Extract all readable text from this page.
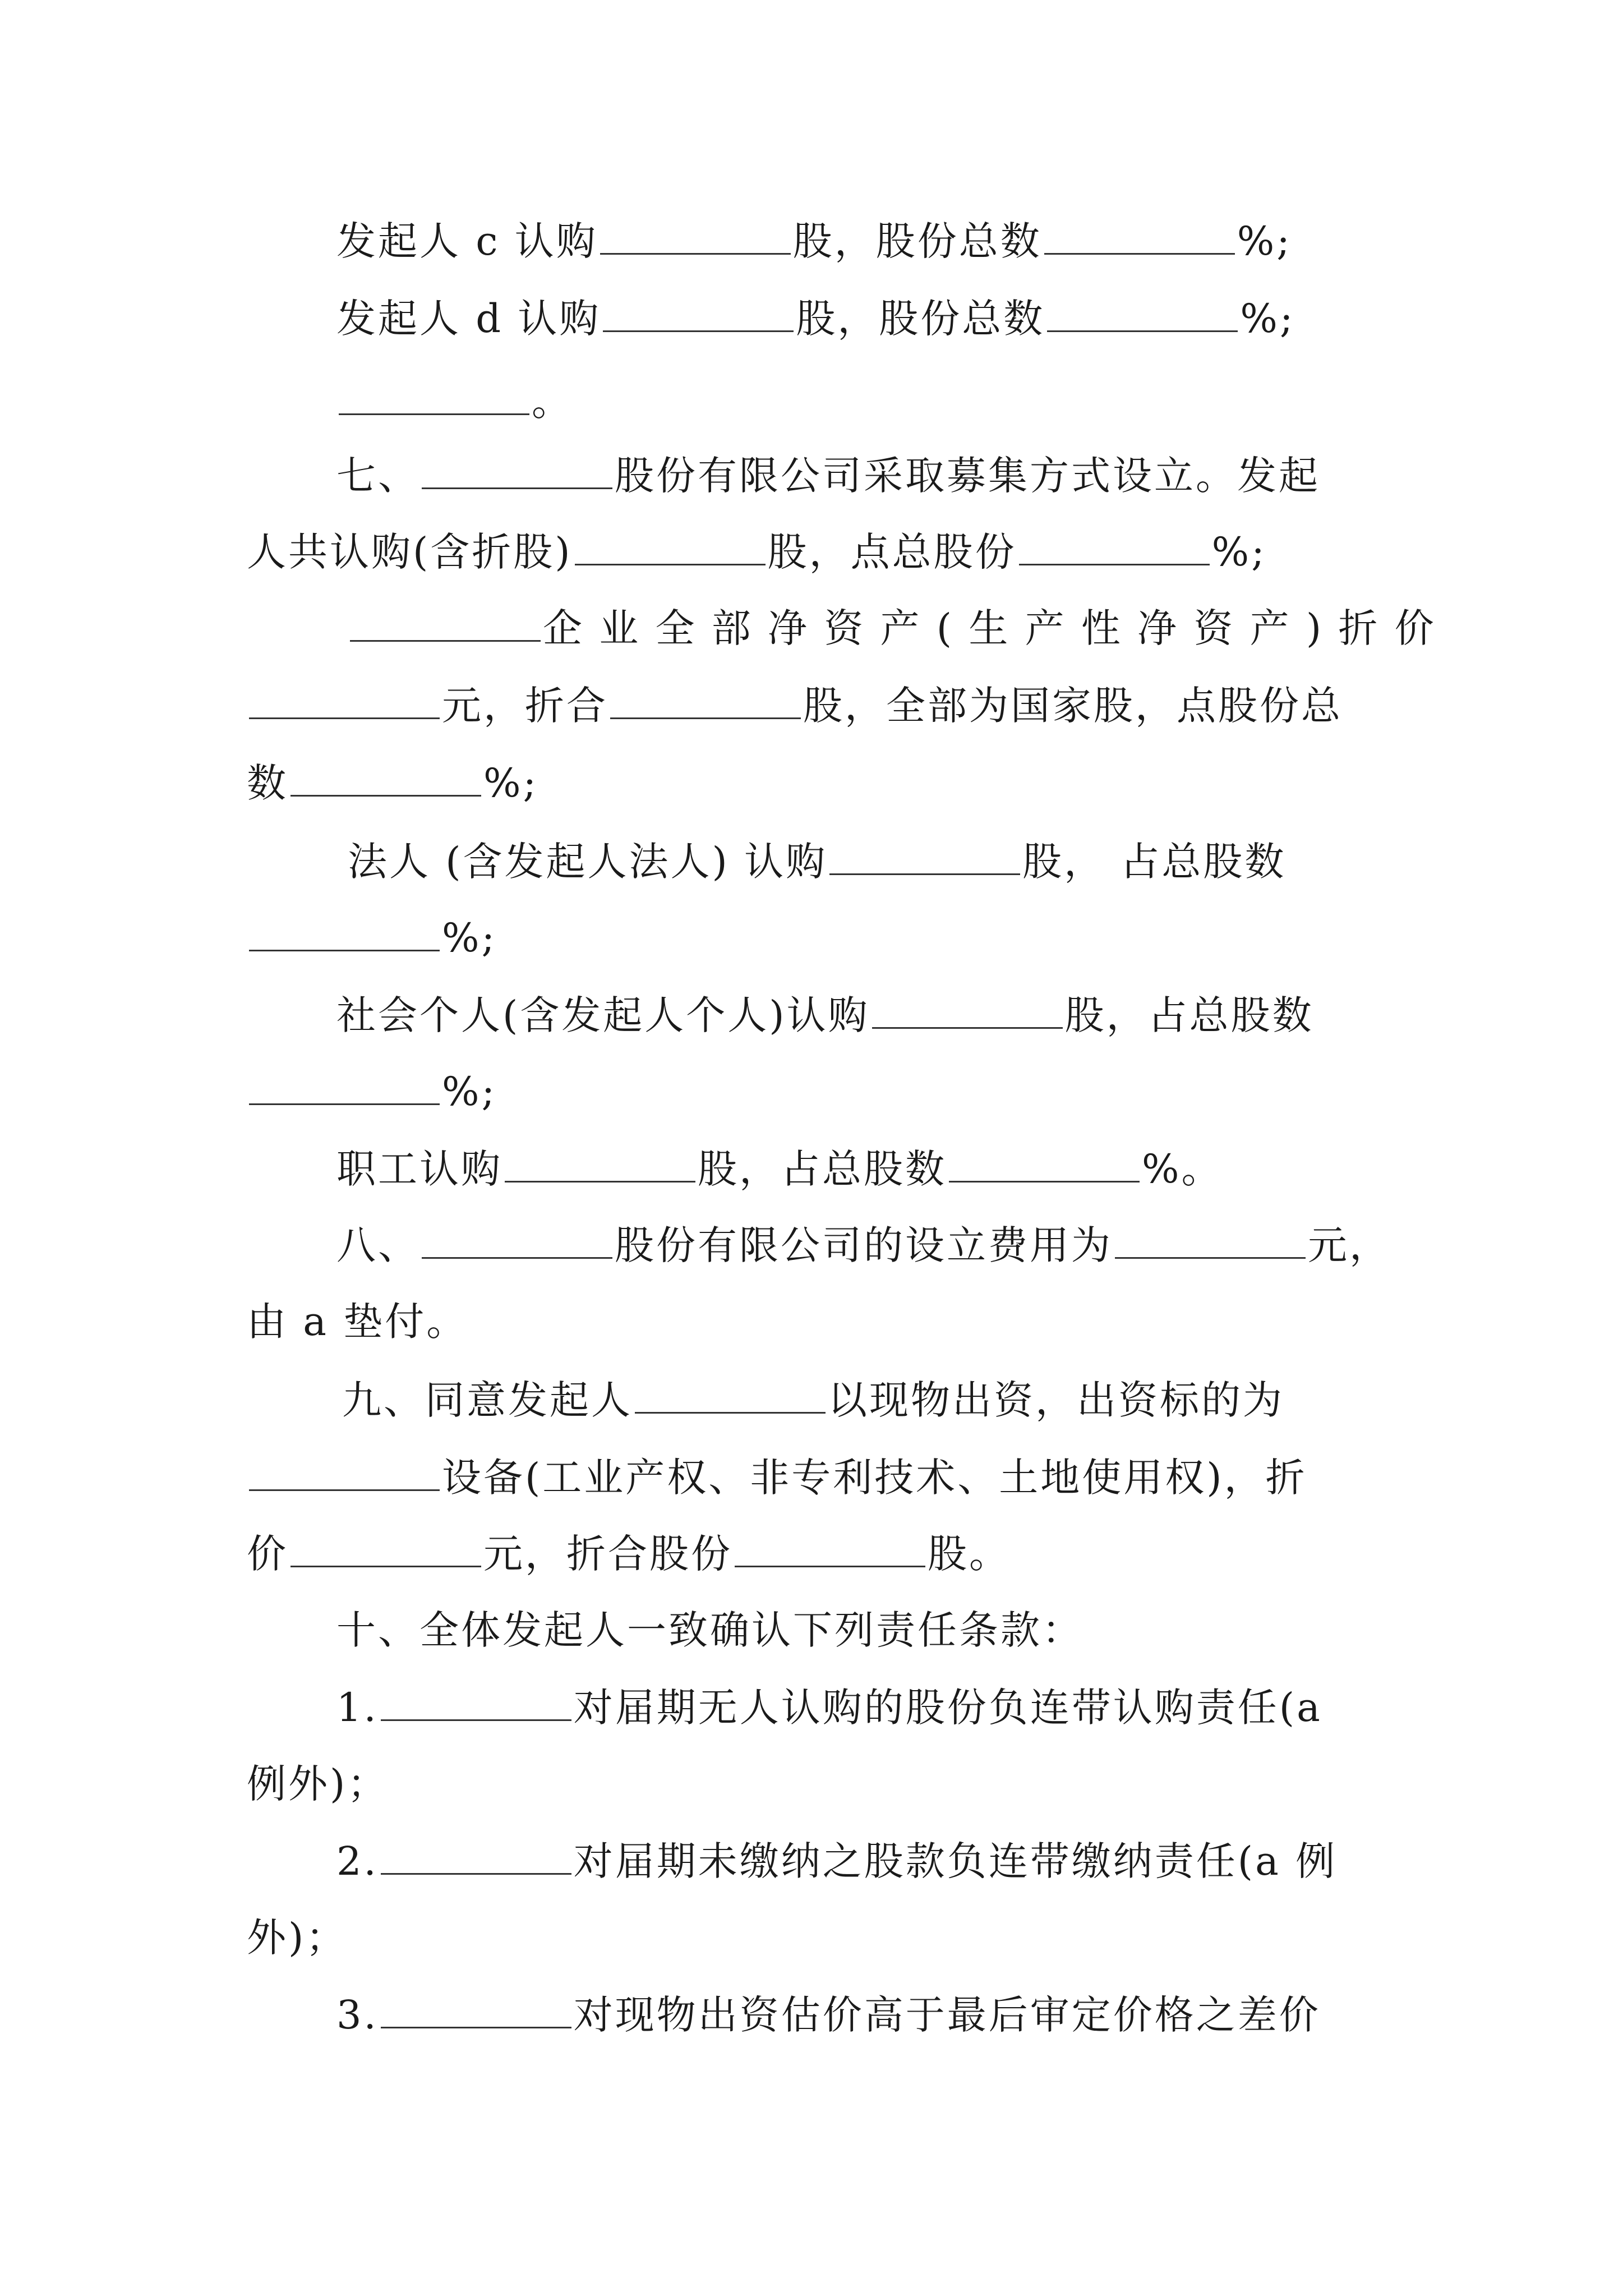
发起人 c 认购	股，股份总数	%;
发起人 d 认购	股，股份总数	%;
。
七、	股份有限公司采取募集方式设立。发起
人共认购(含折股)	股，点总股份	%;
企 业 全 部 净 资 产 ( 生 产 性 净 资 产 ) 折 价
元，折合	股，全部为国家股，点股份总
数	%;
法人 (含发起人法人) 认购	股， 占总股数
%;
社会个人(含发起人个人)认购	股，占总股数
%;
职工认购	股，占总股数	%。
八、	股份有限公司的设立费用为	元，
由 a 垫付。
九、同意发起人	以现物出资，出资标的为
设备(工业产权、非专利技术、土地使用权)，折
价	元，折合股份	股。
十、全体发起人一致确认下列责任条款：
1.	对届期无人认购的股份负连带认购责任(a
例外)；
2.	对届期未缴纳之股款负连带缴纳责任(a 例
外)；
3.	对现物出资估价高于最后审定价格之差价
